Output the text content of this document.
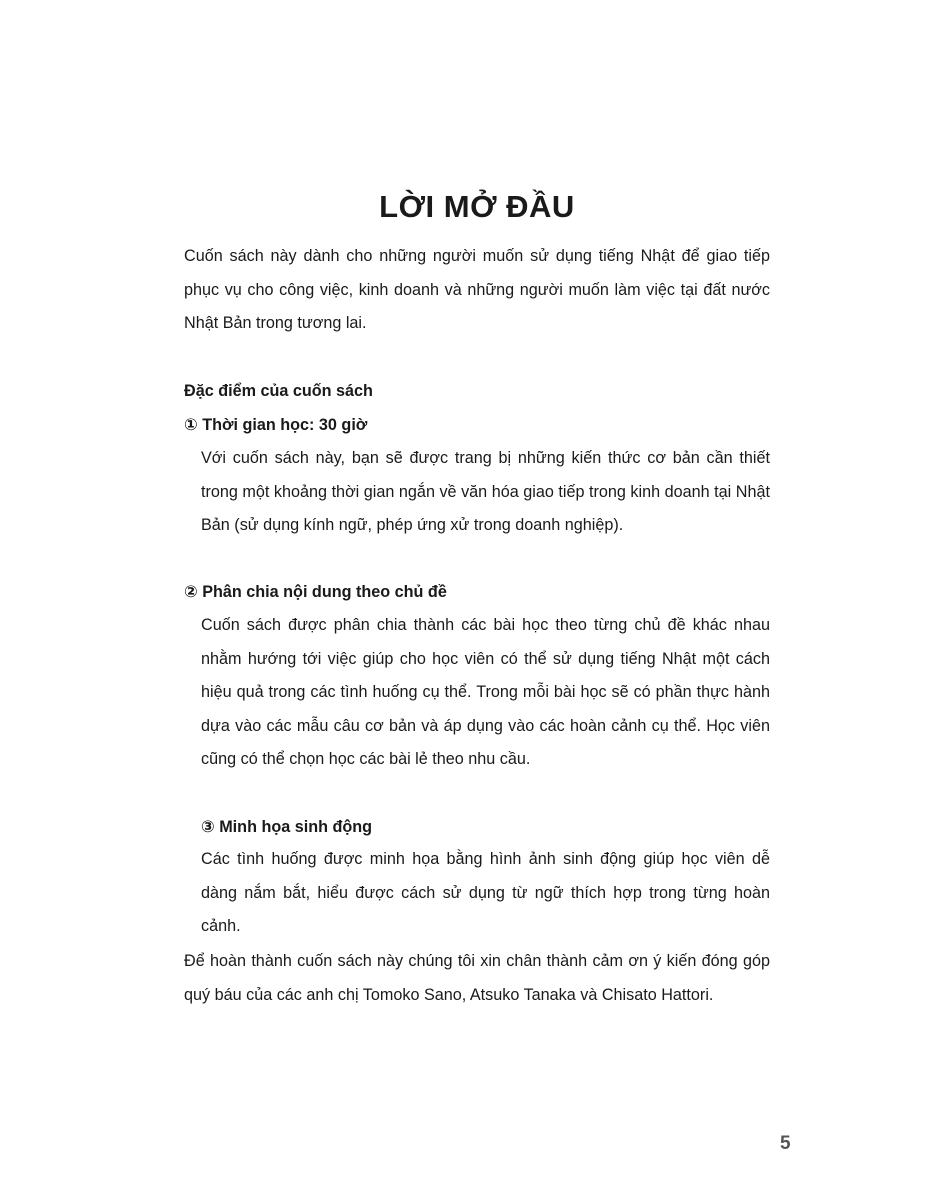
LỜI MỞ ĐẦU

Cuốn sách này dành cho những người muốn sử dụng tiếng Nhật để giao tiếp phục vụ cho công việc, kinh doanh và những người muốn làm việc tại đất nước Nhật Bản trong tương lai.

Đặc điểm của cuốn sách
① Thời gian học: 30 giờ

Với cuốn sách này, bạn sẽ được trang bị những kiến thức cơ bản cần thiết trong một khoảng thời gian ngắn về văn hóa giao tiếp trong kinh doanh tại Nhật Bản (sử dụng kính ngữ, phép ứng xử trong doanh nghiệp).

② Phân chia nội dung theo chủ đề

Cuốn sách được phân chia thành các bài học theo từng chủ đề khác nhau nhằm hướng tới việc giúp cho học viên có thể sử dụng tiếng Nhật một cách hiệu quả trong các tình huống cụ thể. Trong mỗi bài học sẽ có phần thực hành dựa vào các mẫu câu cơ bản và áp dụng vào các hoàn cảnh cụ thể. Học viên cũng có thể chọn học các bài lẻ theo nhu cầu.

③ Minh họa sinh động

Các tình huống được minh họa bằng hình ảnh sinh động giúp học viên dễ dàng nắm bắt, hiểu được cách sử dụng từ ngữ thích hợp trong từng hoàn cảnh.

Để hoàn thành cuốn sách này chúng tôi xin chân thành cảm ơn ý kiến đóng góp quý báu của các anh chị Tomoko Sano, Atsuko Tanaka và Chisato Hattori.

5
